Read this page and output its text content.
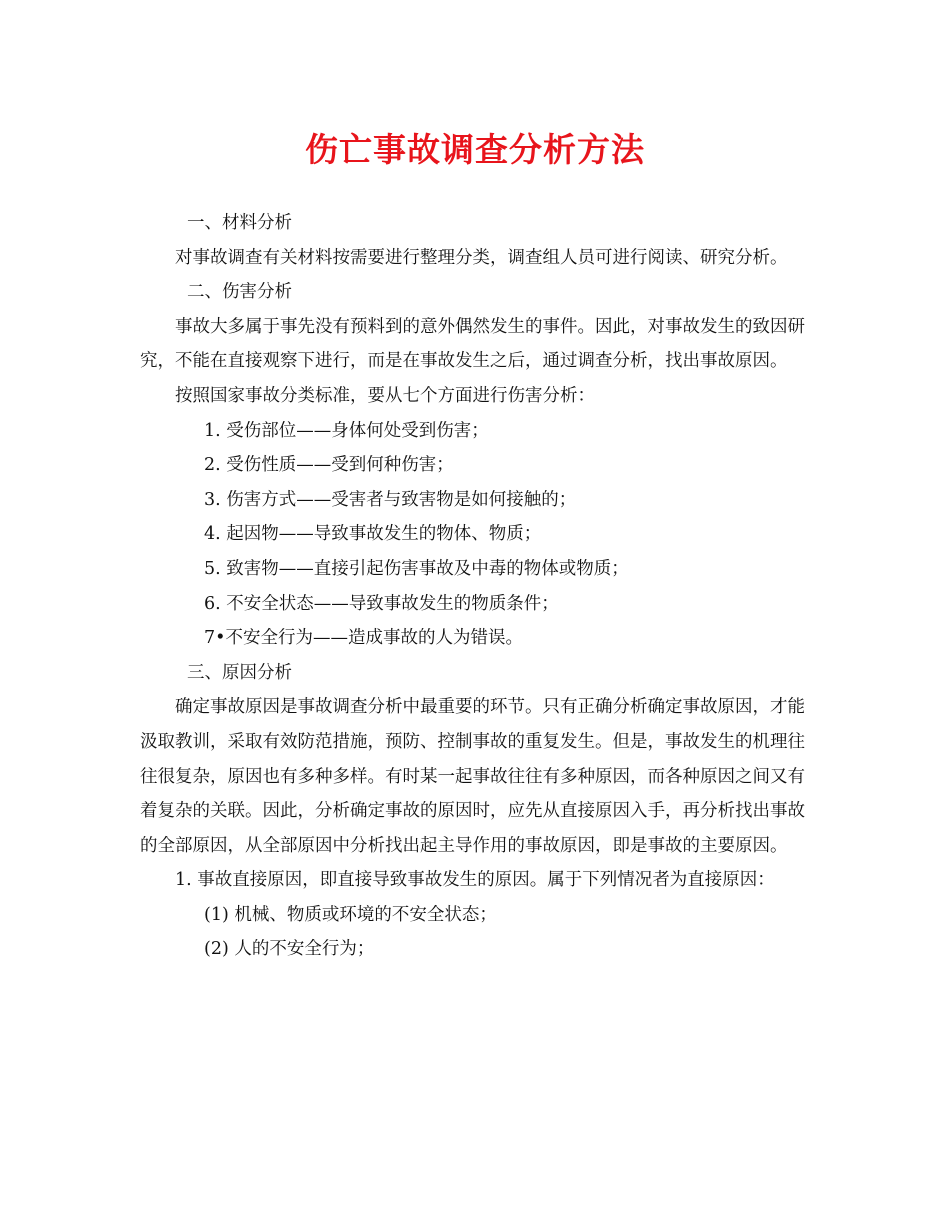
伤亡事故调查分析方法

一、材料分析

对事故调查有关材料按需要进行整理分类，调查组人员可进行阅读、研究分析。

二、伤害分析

事故大多属于事先没有预料到的意外偶然发生的事件。因此，对事故发生的致因研究，不能在直接观察下进行，而是在事故发生之后，通过调查分析，找出事故原因。

按照国家事故分类标准，要从七个方面进行伤害分析：

1. 受伤部位——身体何处受到伤害；

2. 受伤性质——受到何种伤害；

3. 伤害方式——受害者与致害物是如何接触的；

4. 起因物——导致事故发生的物体、物质；

5. 致害物——直接引起伤害事故及中毒的物体或物质；

6. 不安全状态——导致事故发生的物质条件；

7•不安全行为——造成事故的人为错误。

三、原因分析

确定事故原因是事故调查分析中最重要的环节。只有正确分析确定事故原因，才能汲取教训，采取有效防范措施，预防、控制事故的重复发生。但是，事故发生的机理往往很复杂，原因也有多种多样。有时某一起事故往往有多种原因，而各种原因之间又有着复杂的关联。因此，分析确定事故的原因时，应先从直接原因入手，再分析找出事故的全部原因，从全部原因中分析找出起主导作用的事故原因，即是事故的主要原因。

1. 事故直接原因，即直接导致事故发生的原因。属于下列情况者为直接原因：

(1) 机械、物质或环境的不安全状态；

(2) 人的不安全行为；
